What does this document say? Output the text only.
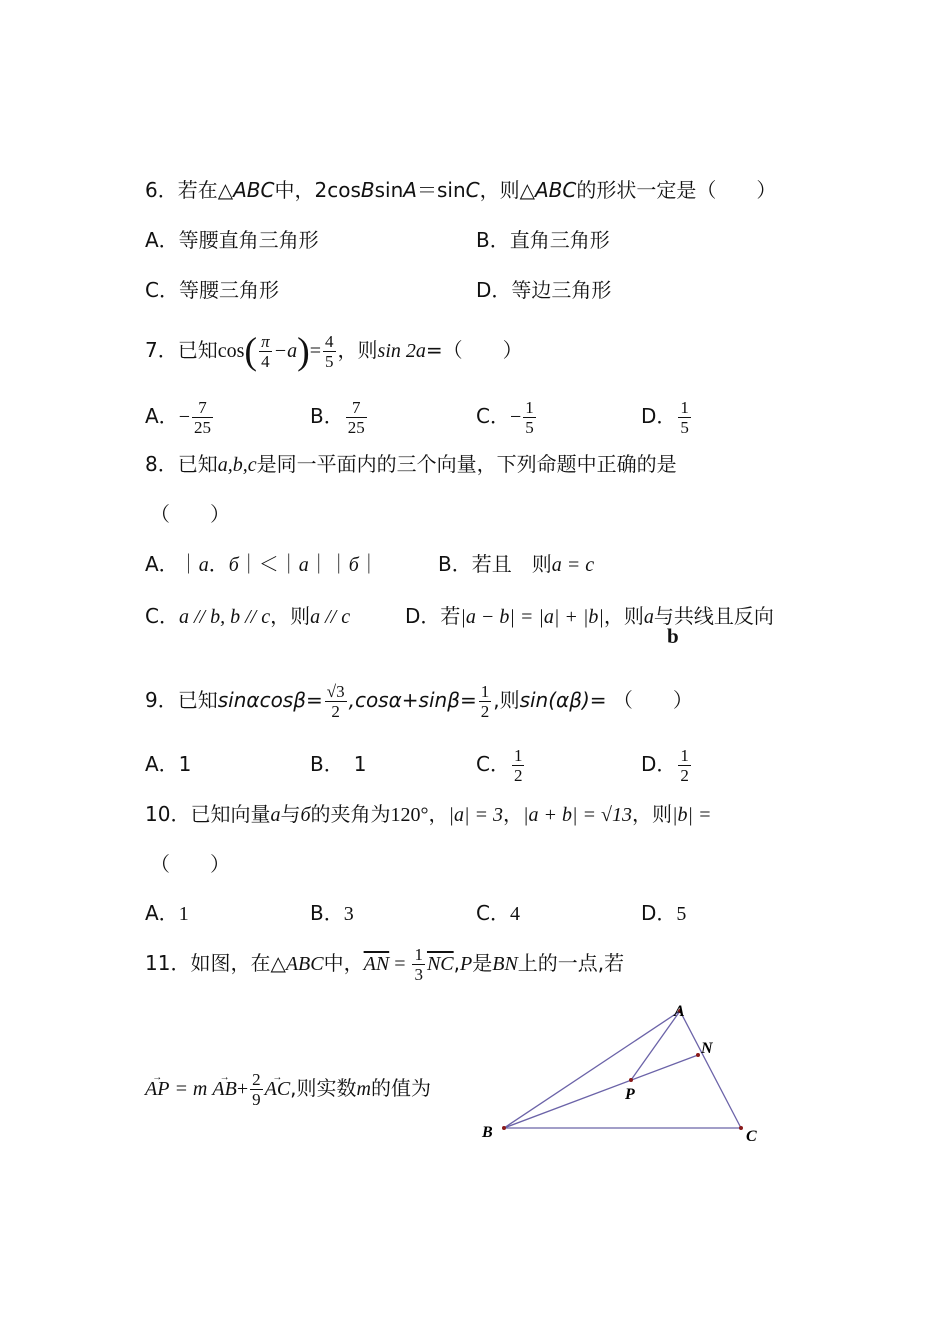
6．若在△ABC中，2cosBsinA＝sinC，则△ABC的形状一定是（　　）
A．等腰直角三角形	B．直角三角形
C．等腰三角形	D．等边三角形
7．已知$\cos( \frac{\pi}{4} -a)= \frac{4}{5}$ ，则sin 2a=（　　）
A．− $\frac{7}{25}$	B． $\frac{7}{25}$	C．− $\frac{1}{5}$	D． $\frac{1}{5}$
8．已知a,b,c是同一平面内的三个向量，下列命题中正确的是
（　　）
A．｜a．б｜＜｜a｜｜б｜	B．若且　则a = c
C．a // b, b // c，则a // c	D．若|a − b| = |a| + |b|，则a与共线且反向
b
9．已知$\sin\alpha\cos\beta= \frac{√3}{2} ,\cos\alpha+\sin\beta= \frac{1}{2}$ ,则sin(αβ)= （　　）
A．1	B．　1	C． $\frac{1}{2}$	D． $\frac{1}{2}$
10．已知向量a与б的夹角为120°，|a| = 3，|a + b| = √13，则|b| =
（　　）
A．1	B．3	C．4	D．5
11．如图，在△ABC中，$\overline{AN} = \frac{1}{3} \overline{NC},P$是BN上的一点,若
→ AP = $m \to AB+ \frac{2}{9}$ → AC,则实数m的值为
A
N
P
B	C
